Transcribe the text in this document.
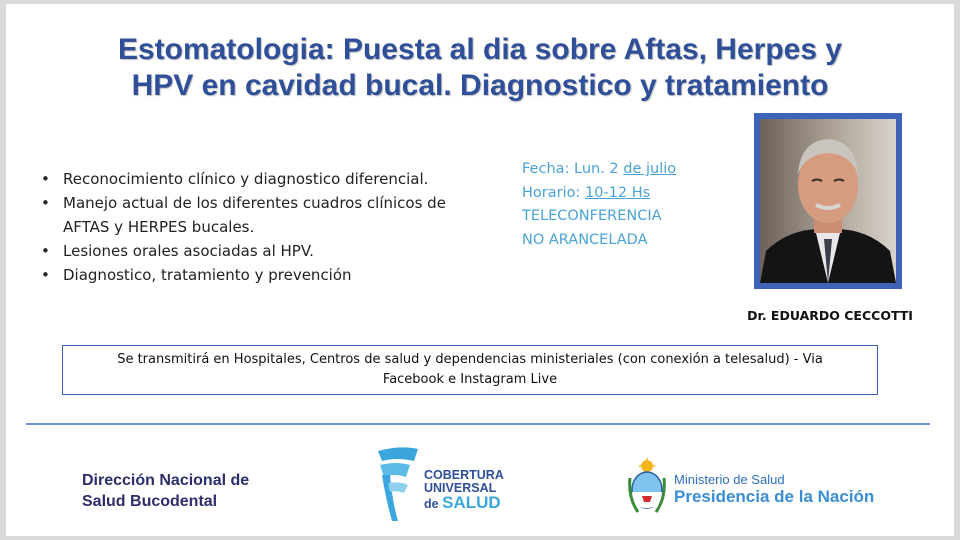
Estomatologia: Puesta al dia sobre Aftas, Herpes y
HPV en cavidad bucal. Diagnostico y tratamiento
• Reconocimiento clínico y diagnostico diferencial.
• Manejo actual de los diferentes cuadros clínicos de AFTAS y HERPES bucales.
• Lesiones orales asociadas al HPV.
• Diagnostico, tratamiento y prevención
Fecha: Lun. 2 de julio
Horario: 10-12 Hs
TELECONFERENCIA
NO ARANCELADA
Dr. EDUARDO CECCOTTI
Se transmitirá en Hospitales, Centros de salud y dependencias ministeriales (con conexión a telesalud) - Via
Facebook e Instagram Live
Dirección Nacional de
Salud Bucodental
COBERTURA
UNIVERSAL
de SALUD
Ministerio de Salud
Presidencia de la Nación
